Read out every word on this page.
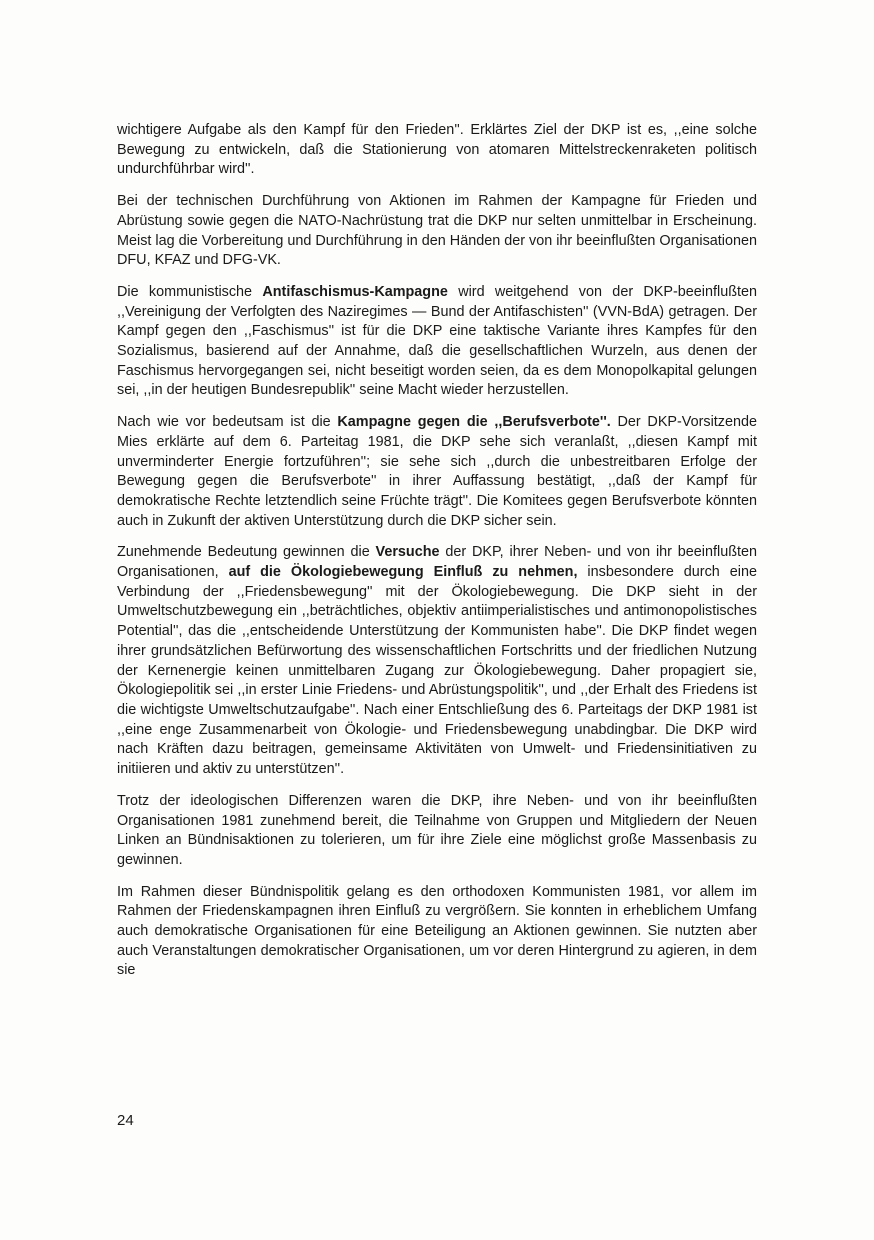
wichtigere Aufgabe als den Kampf für den Frieden''. Erklärtes Ziel der DKP ist es, ,,eine solche Bewegung zu entwickeln, daß die Stationierung von atomaren Mittelstreckenraketen politisch undurchführbar wird''.

Bei der technischen Durchführung von Aktionen im Rahmen der Kampagne für Frieden und Abrüstung sowie gegen die NATO-Nachrüstung trat die DKP nur selten unmittelbar in Erscheinung. Meist lag die Vorbereitung und Durchführung in den Händen der von ihr beeinflußten Organisationen DFU, KFAZ und DFG-VK.

Die kommunistische Antifaschismus-Kampagne wird weitgehend von der DKP-beeinflußten ,,Vereinigung der Verfolgten des Naziregimes — Bund der Antifaschisten'' (VVN-BdA) getragen. Der Kampf gegen den ,,Faschismus'' ist für die DKP eine taktische Variante ihres Kampfes für den Sozialismus, basierend auf der Annahme, daß die gesellschaftlichen Wurzeln, aus denen der Faschismus hervorgegangen sei, nicht beseitigt worden seien, da es dem Monopolkapital gelungen sei, ,,in der heutigen Bundesrepublik'' seine Macht wieder herzustellen.

Nach wie vor bedeutsam ist die Kampagne gegen die ,,Berufsverbote''. Der DKP-Vorsitzende Mies erklärte auf dem 6. Parteitag 1981, die DKP sehe sich veranlaßt, ,,diesen Kampf mit unverminderter Energie fortzuführen''; sie sehe sich ,,durch die unbestreitbaren Erfolge der Bewegung gegen die Berufsverbote'' in ihrer Auffassung bestätigt, ,,daß der Kampf für demokratische Rechte letztendlich seine Früchte trägt''. Die Komitees gegen Berufsverbote könnten auch in Zukunft der aktiven Unterstützung durch die DKP sicher sein.

Zunehmende Bedeutung gewinnen die Versuche der DKP, ihrer Neben- und von ihr beeinflußten Organisationen, auf die Ökologiebewegung Einfluß zu nehmen, insbesondere durch eine Verbindung der ,,Friedensbewegung'' mit der Ökologiebewegung. Die DKP sieht in der Umweltschutzbewegung ein ,,beträchtliches, objektiv antiimperialistisches und antimonopolistisches Potential'', das die ,,entscheidende Unterstützung der Kommunisten habe''. Die DKP findet wegen ihrer grundsätzlichen Befürwortung des wissenschaftlichen Fortschritts und der friedlichen Nutzung der Kernenergie keinen unmittelbaren Zugang zur Ökologiebewegung. Daher propagiert sie, Ökologiepolitik sei ,,in erster Linie Friedens- und Abrüstungspolitik'', und ,,der Erhalt des Friedens ist die wichtigste Umweltschutzaufgabe''. Nach einer Entschließung des 6. Parteitags der DKP 1981 ist ,,eine enge Zusammenarbeit von Ökologie- und Friedensbewegung unabdingbar. Die DKP wird nach Kräften dazu beitragen, gemeinsame Aktivitäten von Umwelt- und Friedensinitiativen zu initiieren und aktiv zu unterstützen''.

Trotz der ideologischen Differenzen waren die DKP, ihre Neben- und von ihr beeinflußten Organisationen 1981 zunehmend bereit, die Teilnahme von Gruppen und Mitgliedern der Neuen Linken an Bündnisaktionen zu tolerieren, um für ihre Ziele eine möglichst große Massenbasis zu gewinnen.

Im Rahmen dieser Bündnispolitik gelang es den orthodoxen Kommunisten 1981, vor allem im Rahmen der Friedenskampagnen ihren Einfluß zu vergrößern. Sie konnten in erheblichem Umfang auch demokratische Organisationen für eine Beteiligung an Aktionen gewinnen. Sie nutzten aber auch Veranstaltungen demokratischer Organisationen, um vor deren Hintergrund zu agieren, in dem sie

24
